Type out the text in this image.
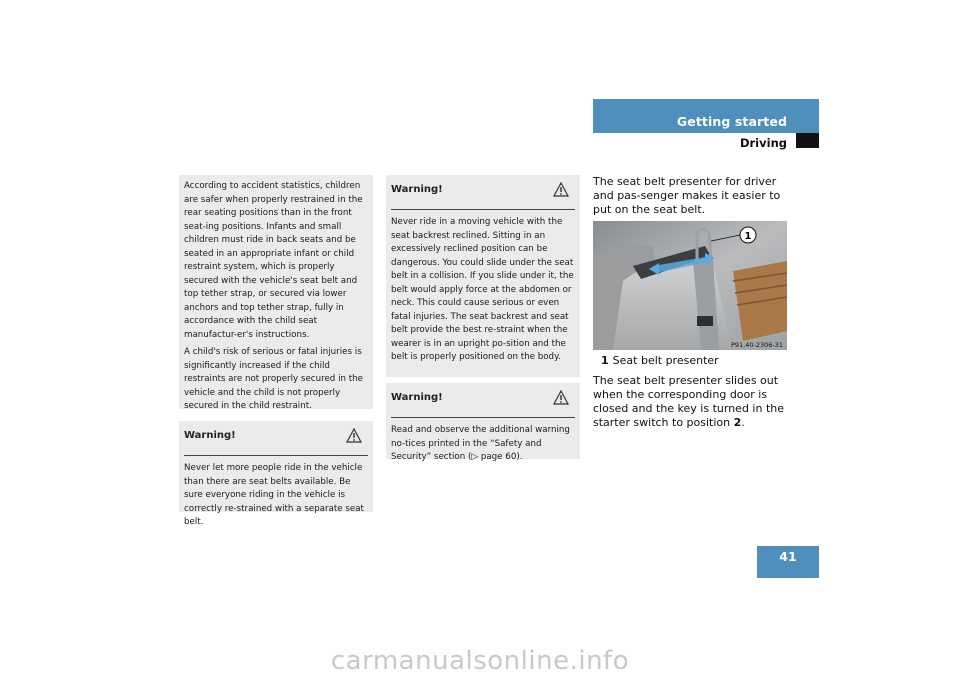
Getting started
Driving

According to accident statistics, children are safer when properly restrained in the rear seating positions than in the front seat-ing positions. Infants and small children must ride in back seats and be seated in an appropriate infant or child restraint system, which is properly secured with the vehicle's seat belt and top tether strap, or secured via lower anchors and top tether strap, fully in accordance with the child seat manufactur-er's instructions.

A child's risk of serious or fatal injuries is significantly increased if the child restraints are not properly secured in the vehicle and the child is not properly secured in the child restraint.

Warning!
Never let more people ride in the vehicle than there are seat belts available. Be sure everyone riding in the vehicle is correctly re-strained with a separate seat belt.
Warning!
Never ride in a moving vehicle with the seat backrest reclined. Sitting in an excessively reclined position can be dangerous. You could slide under the seat belt in a collision. If you slide under it, the belt would apply force at the abdomen or neck. This could cause serious or even fatal injuries. The seat backrest and seat belt provide the best re-straint when the wearer is in an upright po-sition and the belt is properly positioned on the body.
Warning!
Read and observe the additional warning no-tices printed in the “Safety and Security” section (▷ page 60).
The seat belt presenter for driver and pas-senger makes it easier to put on the seat belt.
1
P91.40-2306-31
1 Seat belt presenter
The seat belt presenter slides out when the corresponding door is closed and the key is turned in the starter switch to position 2.
41
carmanualsonline.info
